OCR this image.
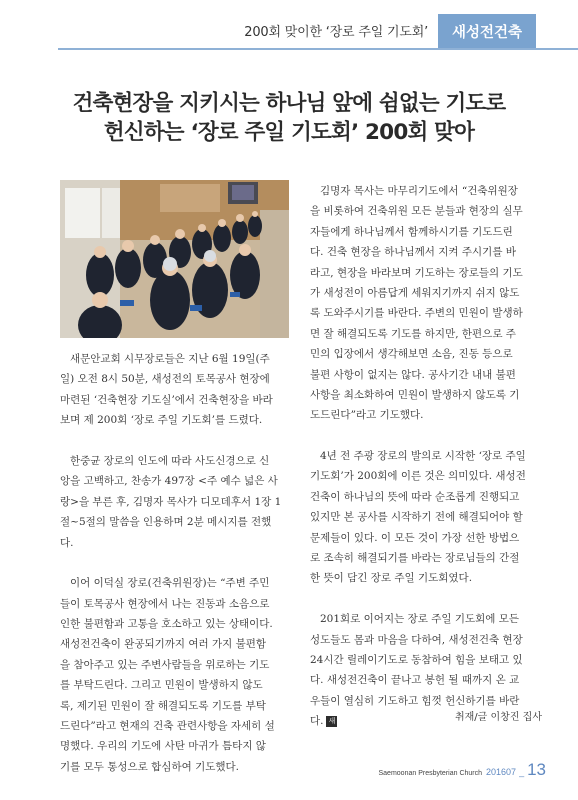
200회 맞이한 ‘장로 주일 기도회’	새성전건축
건축현장을 지키시는 하나님 앞에 쉼없는 기도로
헌신하는 ‘장로 주일 기도회’ 200회 맞아
새문안교회 시무장로들은 지난 6월 19일(주
일) 오전 8시 50분, 새성전의 토목공사 현장에
마련된 ‘건축현장 기도실’에서 건축현장을 바라
보며 제 200회 ‘장로 주일 기도회’를 드렸다.
한중균 장로의 인도에 따라 사도신경으로 신
앙을 고백하고, 찬송가 497장 <주 예수 넓은 사
랑>을 부른 후, 김명자 목사가 디모데후서 1장 1
절~5절의 말씀을 인용하며 2분 메시지를 전했
다.
이어 이덕실 장로(건축위원장)는 “주변 주민
들이 토목공사 현장에서 나는 진동과 소음으로
인한 불편함과 고통을 호소하고 있는 상태이다.
새성전건축이 완공되기까지 여러 가지 불편함
을 참아주고 있는 주변사람들을 위로하는 기도
를 부탁드린다. 그리고 민원이 발생하지 않도
록, 제기된 민원이 잘 해결되도록 기도를 부탁
드린다”라고 현재의 건축 관련사항을 자세히 설
명했다. 우리의 기도에 사탄 마귀가 틈타지 않
기를 모두 통성으로 합심하여 기도했다.
김명자 목사는 마무리기도에서 “건축위원장
을 비롯하여 건축위원 모든 분들과 현장의 실무
자들에게 하나님께서 함께하시기를 기도드린
다. 건축 현장을 하나님께서 지켜 주시기를 바
라고, 현장을 바라보며 기도하는 장로들의 기도
가 새성전이 아름답게 세워지기까지 쉬지 않도
록 도와주시기를 바란다. 주변의 민원이 발생하
면 잘 해결되도록 기도를 하지만, 한편으로 주
민의 입장에서 생각해보면 소음, 진동 등으로
불편 사항이 없지는 않다. 공사기간 내내 불편
사항을 최소화하여 민원이 발생하지 않도록 기
도드린다”라고 기도했다.
4년 전 주광 장로의 발의로 시작한 ‘장로 주일
기도회’가 200회에 이른 것은 의미있다. 새성전
건축이 하나님의 뜻에 따라 순조롭게 진행되고
있지만 본 공사를 시작하기 전에 해결되어야 할
문제들이 있다. 이 모든 것이 가장 선한 방법으
로 조속히 해결되기를 바라는 장로님들의 간절
한 뜻이 담긴 장로 주일 기도회였다.
201회로 이어지는 장로 주일 기도회에 모든
성도들도 몸과 마음을 다하여, 새성전건축 현장
24시간 릴레이기도로 동참하여 힘을 보태고 있
다. 새성전건축이 끝나고 봉헌 될 때까지 온 교
우들이 열심히 기도하고 힘껏 헌신하기를 바란
다. 새	취재/글 이창진 집사
Saemoonan Presbyterian Church 201607 _ 13
